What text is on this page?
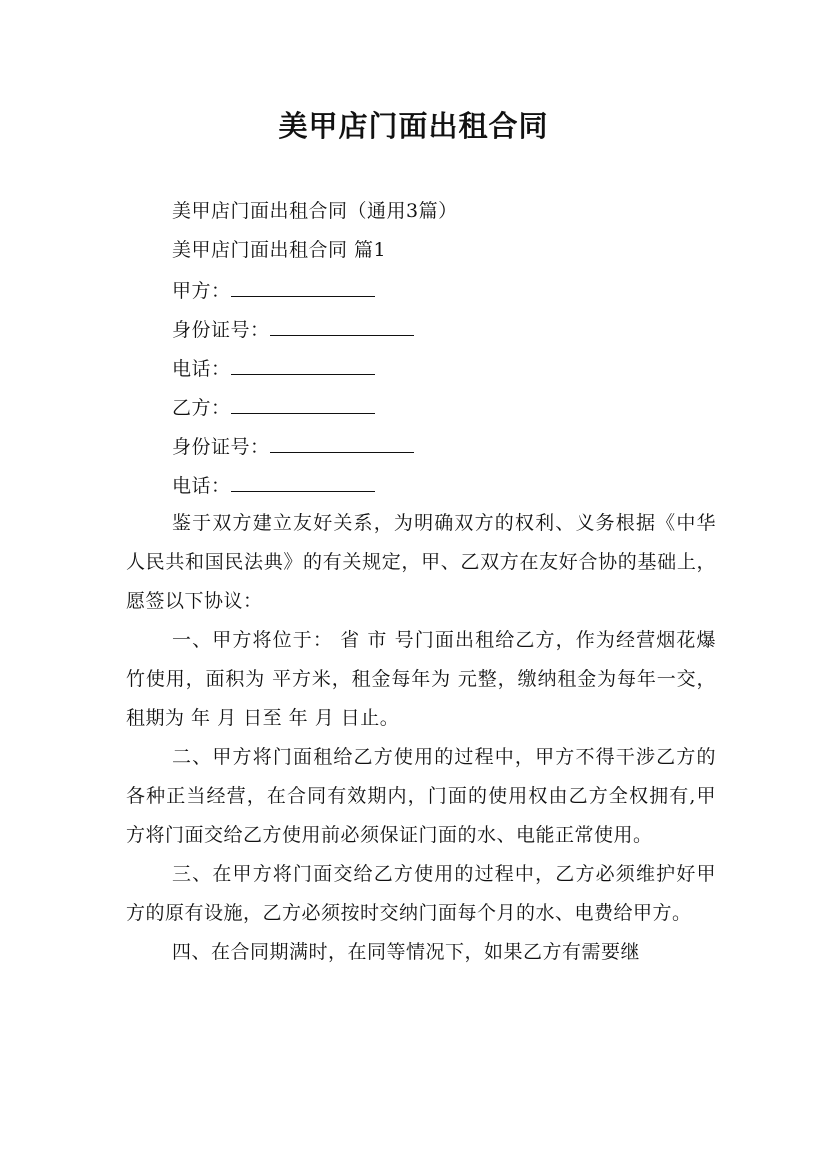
美甲店门面出租合同
美甲店门面出租合同（通用3篇）
美甲店门面出租合同 篇1
甲方：
身份证号：
电话：
乙方：
身份证号：
电话：

鉴于双方建立友好关系，为明确双方的权利、义务根据《中华人民共和国民法典》的有关规定，甲、乙双方在友好合协的基础上，愿签以下协议：

一、甲方将位于： 省 市 号门面出租给乙方，作为经营烟花爆竹使用，面积为 平方米，租金每年为 元整，缴纳租金为每年一交，租期为 年 月 日至 年 月 日止。

二、甲方将门面租给乙方使用的过程中，甲方不得干涉乙方的各种正当经营，在合同有效期内，门面的使用权由乙方全权拥有,甲方将门面交给乙方使用前必须保证门面的水、电能正常使用。

三、在甲方将门面交给乙方使用的过程中，乙方必须维护好甲方的原有设施，乙方必须按时交纳门面每个月的水、电费给甲方。

四、在合同期满时，在同等情况下，如果乙方有需要继
